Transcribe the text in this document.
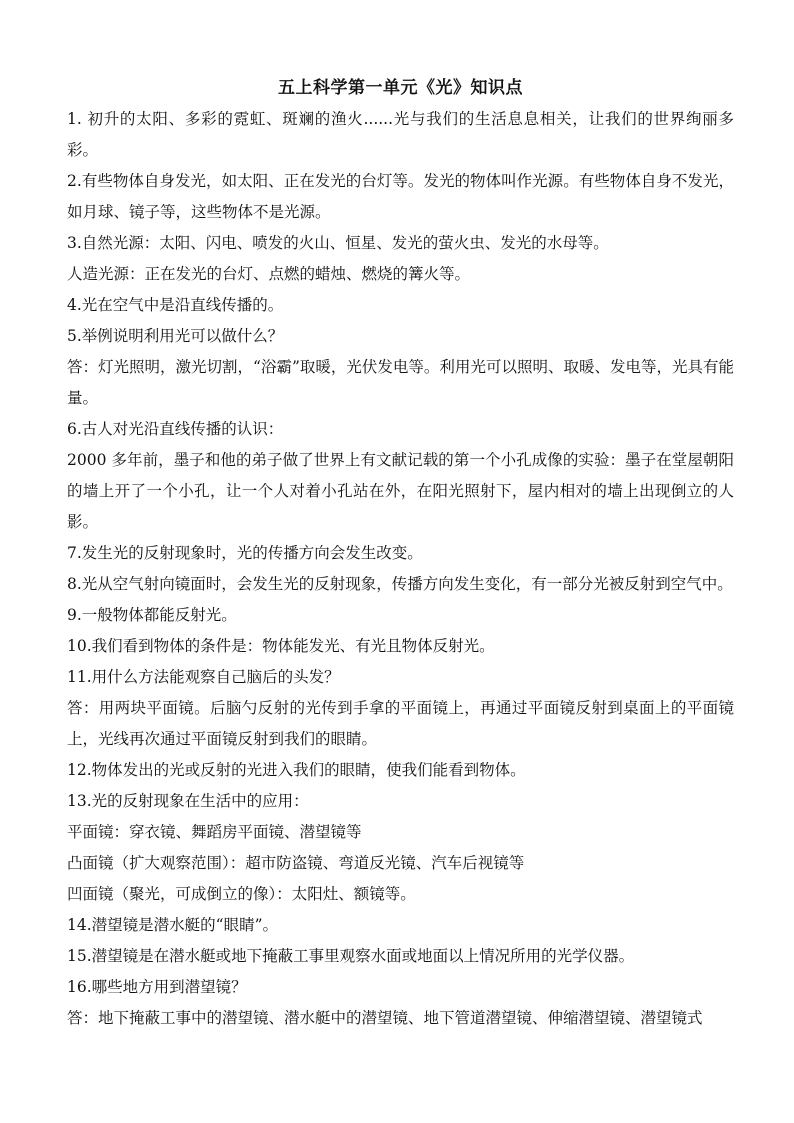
五上科学第一单元《光》知识点

1. 初升的太阳、多彩的霓虹、斑斓的渔火......光与我们的生活息息相关，让我们的世界绚丽多彩。

2.有些物体自身发光，如太阳、正在发光的台灯等。发光的物体叫作光源。有些物体自身不发光，如月球、镜子等，这些物体不是光源。

3.自然光源：太阳、闪电、喷发的火山、恒星、发光的萤火虫、发光的水母等。

人造光源：正在发光的台灯、点燃的蜡烛、燃烧的篝火等。

4.光在空气中是沿直线传播的。

5.举例说明利用光可以做什么？

答：灯光照明，激光切割，“浴霸”取暖，光伏发电等。利用光可以照明、取暖、发电等，光具有能量。

6.古人对光沿直线传播的认识：

2000 多年前，墨子和他的弟子做了世界上有文献记载的第一个小孔成像的实验：墨子在堂屋朝阳的墙上开了一个小孔，让一个人对着小孔站在外，在阳光照射下，屋内相对的墙上出现倒立的人影。

7.发生光的反射现象时，光的传播方向会发生改变。

8.光从空气射向镜面时，会发生光的反射现象，传播方向发生变化，有一部分光被反射到空气中。

9.一般物体都能反射光。

10.我们看到物体的条件是：物体能发光、有光且物体反射光。

11.用什么方法能观察自己脑后的头发？

答：用两块平面镜。后脑勺反射的光传到手拿的平面镜上，再通过平面镜反射到桌面上的平面镜上，光线再次通过平面镜反射到我们的眼睛。

12.物体发出的光或反射的光进入我们的眼睛，使我们能看到物体。

13.光的反射现象在生活中的应用：

平面镜：穿衣镜、舞蹈房平面镜、潜望镜等

凸面镜（扩大观察范围）：超市防盗镜、弯道反光镜、汽车后视镜等

凹面镜（聚光，可成倒立的像）：太阳灶、额镜等。

14.潜望镜是潜水艇的“眼睛”。

15.潜望镜是在潜水艇或地下掩蔽工事里观察水面或地面以上情况所用的光学仪器。

16.哪些地方用到潜望镜？

答：地下掩蔽工事中的潜望镜、潜水艇中的潜望镜、地下管道潜望镜、伸缩潜望镜、潜望镜式
